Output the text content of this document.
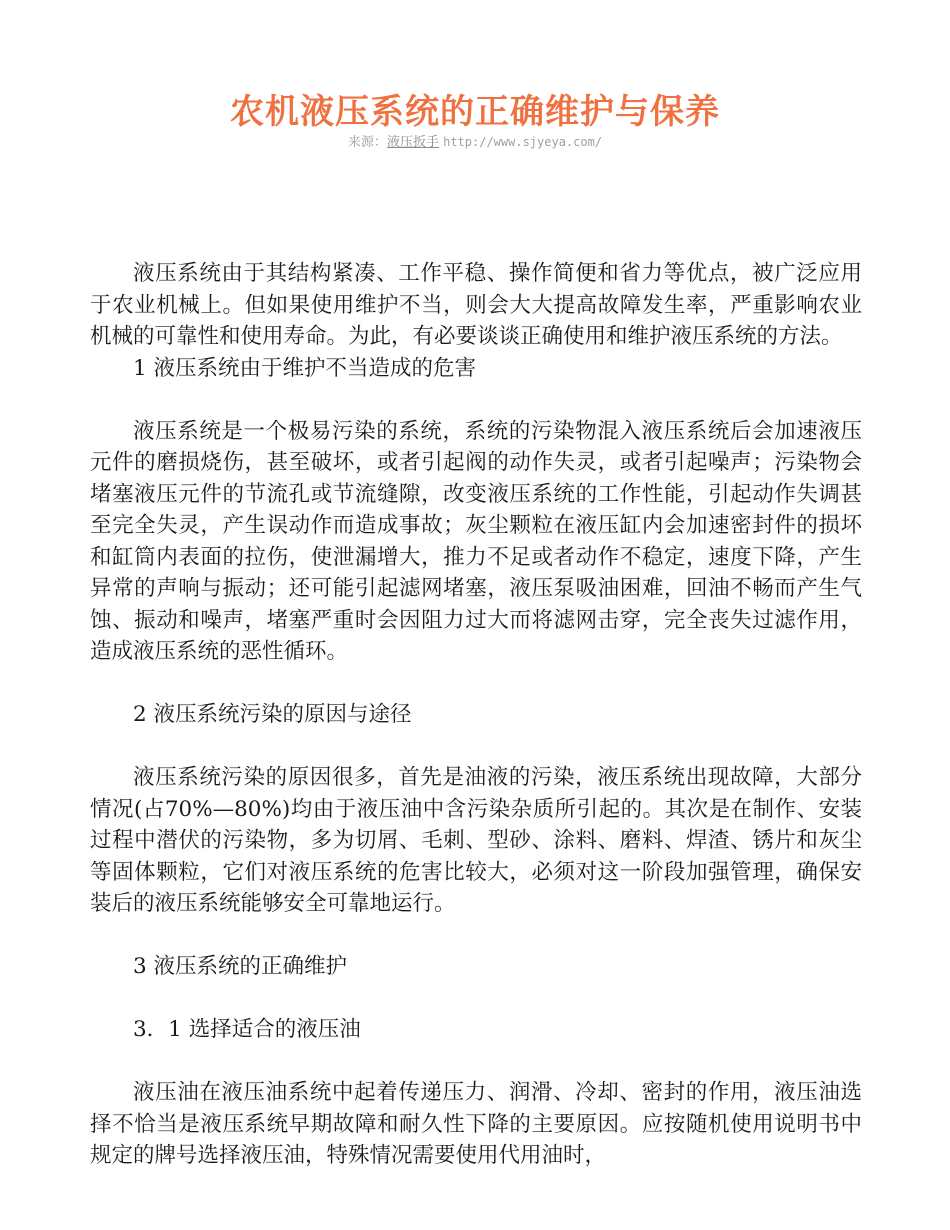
农机液压系统的正确维护与保养
来源：液压扳手 http://www.sjyeya.com/

液压系统由于其结构紧凑、工作平稳、操作简便和省力等优点，被广泛应用于农业机械上。但如果使用维护不当，则会大大提高故障发生率，严重影响农业机械的可靠性和使用寿命。为此，有必要谈谈正确使用和维护液压系统的方法。

1 液压系统由于维护不当造成的危害

液压系统是一个极易污染的系统，系统的污染物混入液压系统后会加速液压元件的磨损烧伤，甚至破坏，或者引起阀的动作失灵，或者引起噪声；污染物会堵塞液压元件的节流孔或节流缝隙，改变液压系统的工作性能，引起动作失调甚至完全失灵，产生误动作而造成事故；灰尘颗粒在液压缸内会加速密封件的损坏和缸筒内表面的拉伤，使泄漏增大，推力不足或者动作不稳定，速度下降，产生异常的声响与振动；还可能引起滤网堵塞，液压泵吸油困难，回油不畅而产生气蚀、振动和噪声，堵塞严重时会因阻力过大而将滤网击穿，完全丧失过滤作用，造成液压系统的恶性循环。

2 液压系统污染的原因与途径

液压系统污染的原因很多，首先是油液的污染，液压系统出现故障，大部分情况(占70%—80%)均由于液压油中含污染杂质所引起的。其次是在制作、安装过程中潜伏的污染物，多为切屑、毛刺、型砂、涂料、磨料、焊渣、锈片和灰尘等固体颗粒，它们对液压系统的危害比较大，必须对这一阶段加强管理，确保安装后的液压系统能够安全可靠地运行。

3 液压系统的正确维护

3．1 选择适合的液压油

液压油在液压油系统中起着传递压力、润滑、冷却、密封的作用，液压油选择不恰当是液压系统早期故障和耐久性下降的主要原因。应按随机使用说明书中规定的牌号选择液压油，特殊情况需要使用代用油时，
